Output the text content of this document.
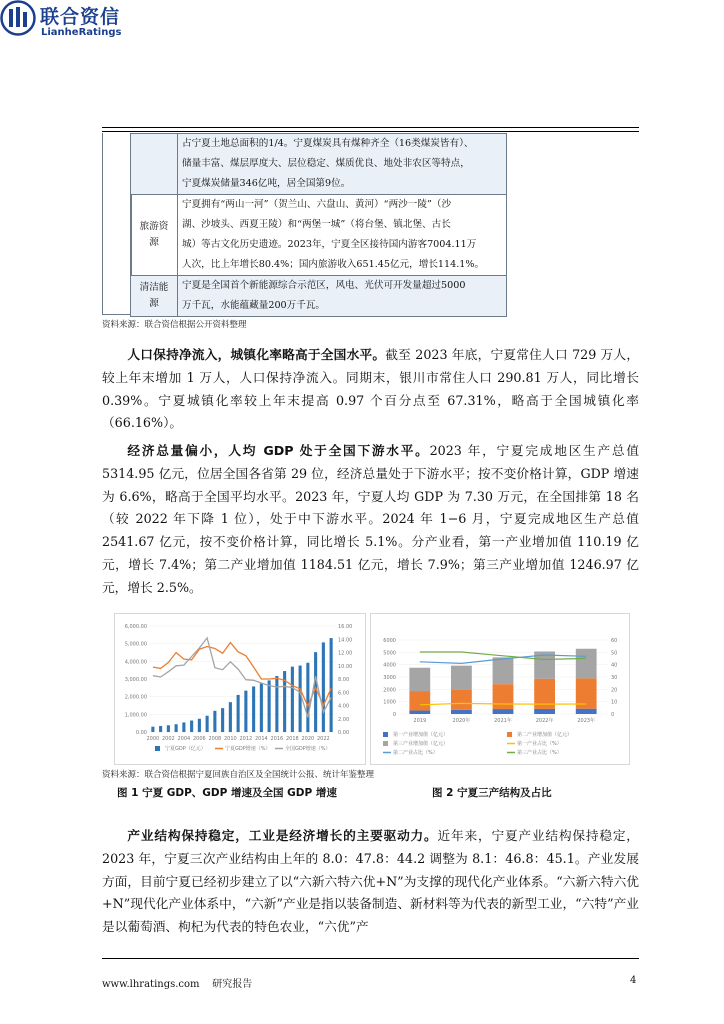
联合资信
LianheRatings

	占宁夏土地总面积的1/4。宁夏煤炭具有煤种齐全（16类煤炭皆有）、
储量丰富、煤层厚度大、层位稳定、煤质优良、地处非农区等特点，
宁夏煤炭储量346亿吨，居全国第9位。

旅游资源	宁夏拥有“两山一河”（贺兰山、六盘山、黄河）“两沙一陵”（沙
湖、沙坡头、西夏王陵）和“两堡一城”（将台堡、镇北堡、古长
城）等古文化历史遗迹。2023年，宁夏全区接待国内游客7004.11万
人次，比上年增长80.4%；国内旅游收入651.45亿元，增长114.1%。

清洁能源	宁夏是全国首个新能源综合示范区，风电、光伏可开发量超过5000
万千瓦，水能蕴藏量200万千瓦。
资料来源：联合资信根据公开资料整理

人口保持净流入，城镇化率略高于全国水平。截至 2023 年底，宁夏常住人口 729 万人，较上年末增加 1 万人，人口保持净流入。同期末，银川市常住人口 290.81 万人，同比增长 0.39%。宁夏城镇化率较上年末提高 0.97 个百分点至 67.31%，略高于全国城镇化率（66.16%）。

经济总量偏小，人均 GDP 处于全国下游水平。2023 年，宁夏完成地区生产总值 5314.95 亿元，位居全国各省第 29 位，经济总量处于下游水平；按不变价格计算，GDP 增速为 6.6%，略高于全国平均水平。2023 年，宁夏人均 GDP 为 7.30 万元，在全国排第 18 名（较 2022 年下降 1 位），处于中下游水平。2024 年 1−6 月，宁夏完成地区生产总值 2541.67 亿元，按不变价格计算，同比增长 5.1%。分产业看，第一产业增加值 110.19 亿元，增长 7.4%；第二产业增加值 1184.51 亿元，增长 7.9%；第三产业增加值 1246.97 亿元，增长 2.5%。

6,000.00
5,000.00
4,000.00
3,000.00
2,000.00
1,000.00
0.00
16.00
14.00
12.00
10.00
8.00
6.00
4.00
2.00
0.00
2000 2002 2004 2006 2008 2010 2012 2014 2016 2018 2020 2022
宁夏GDP（亿元）	宁夏GDP增速（%）	全国GDP增速（%）
6000
5000
4000
3000
2000
1000
0
60
50
40
30
20
10
0
2019	2020年	2021年	2022年	2023年
第一产业增加值（亿元）	第二产业增加值（亿元）
第三产业增加值（亿元）	第一产业占比（%）
第二产业占比（%）	第三产业占比（%）
资料来源：联合资信根据宁夏回族自治区及全国统计公报、统计年鉴整理
图 1 宁夏 GDP、GDP 增速及全国 GDP 增速	图 2 宁夏三产结构及占比

产业结构保持稳定，工业是经济增长的主要驱动力。近年来，宁夏产业结构保持稳定，2023 年，宁夏三次产业结构由上年的 8.0：47.8：44.2 调整为 8.1：46.8：45.1。产业发展方面，目前宁夏已经初步建立了以“六新六特六优+N”为支撑的现代化产业体系。“六新六特六优+N”现代化产业体系中，“六新”产业是指以装备制造、新材料等为代表的新型工业，“六特”产业是以葡萄酒、枸杞为代表的特色农业，“六优”产

www.lhratings.com 研究报告	4
